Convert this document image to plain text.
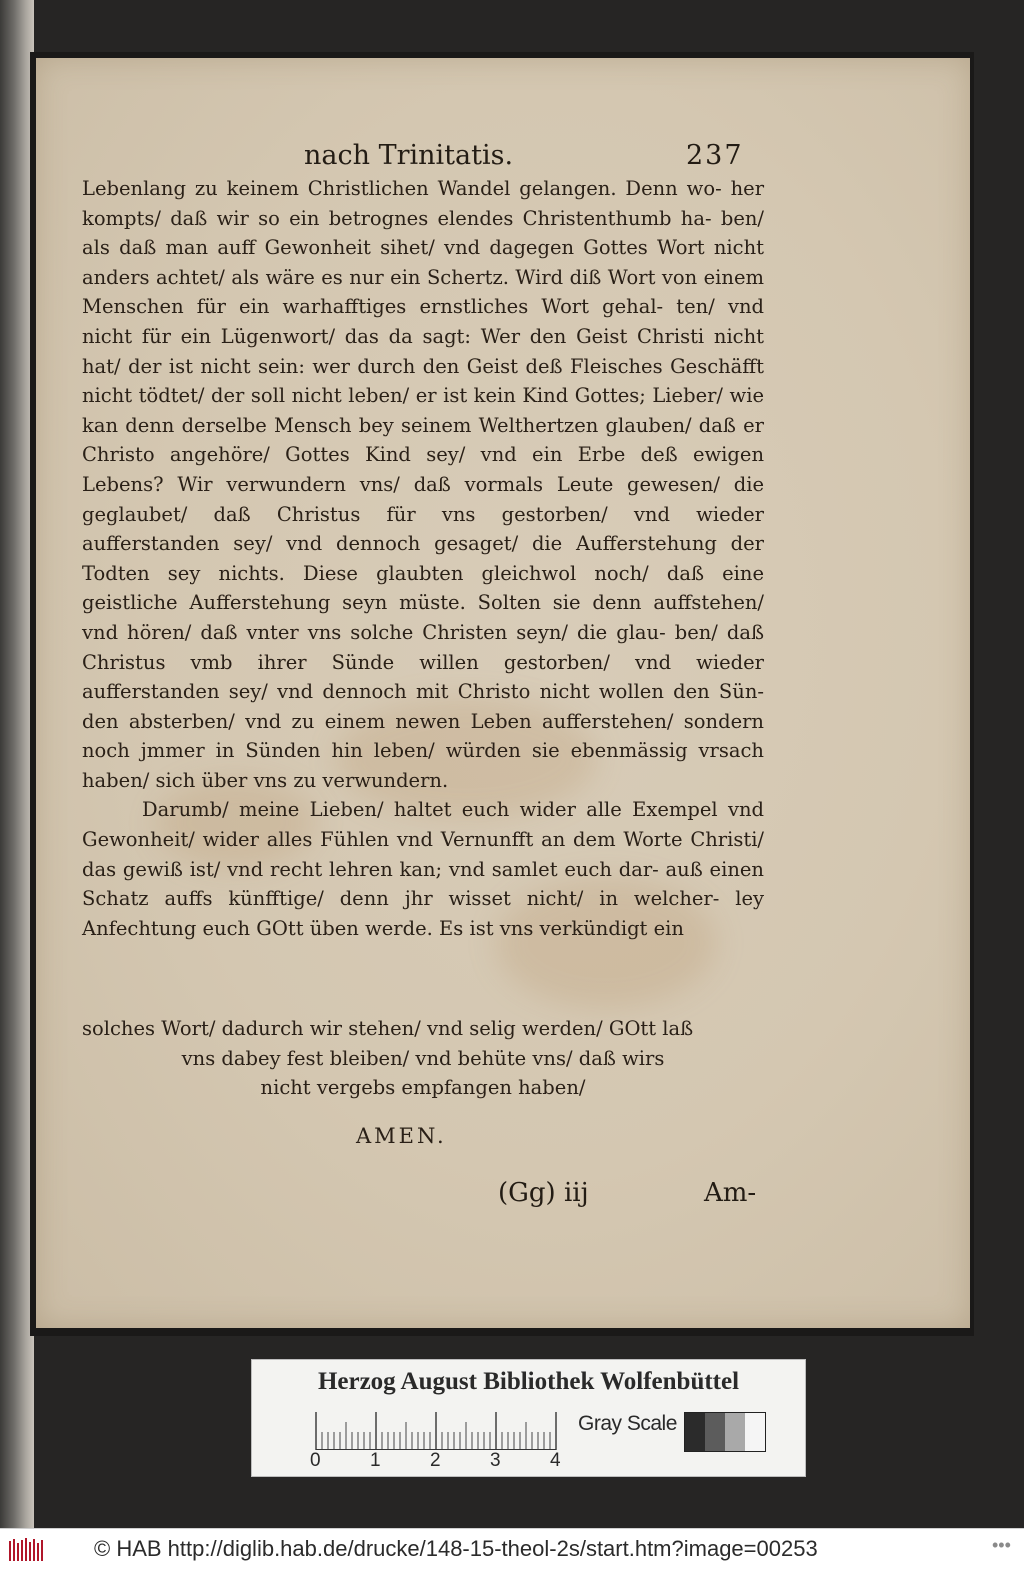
nach Trinitatis.	237

Lebenlang zu keinem Christlichen Wandel gelangen. Denn wo- her kompts/ daß wir so ein betrognes elendes Christenthumb ha- ben/ als daß man auff Gewonheit sihet/ vnd dagegen Gottes Wort nicht anders achtet/ als wäre es nur ein Schertz. Wird diß Wort von einem Menschen für ein warhafftiges ernstliches Wort gehal- ten/ vnd nicht für ein Lügenwort/ das da sagt: Wer den Geist Christi nicht hat/ der ist nicht sein: wer durch den Geist deß Fleisches Geschäfft nicht tödtet/ der soll nicht leben/ er ist kein Kind Gottes; Lieber/ wie kan denn derselbe Mensch bey seinem Welthertzen glauben/ daß er Christo angehöre/ Gottes Kind sey/ vnd ein Erbe deß ewigen Lebens? Wir verwundern vns/ daß vormals Leute gewesen/ die geglaubet/ daß Christus für vns gestorben/ vnd wieder aufferstanden sey/ vnd dennoch gesaget/ die Aufferstehung der Todten sey nichts. Diese glaubten gleichwol noch/ daß eine geistliche Aufferstehung seyn müste. Solten sie denn auffstehen/ vnd hören/ daß vnter vns solche Christen seyn/ die glau- ben/ daß Christus vmb ihrer Sünde willen gestorben/ vnd wieder aufferstanden sey/ vnd dennoch mit Christo nicht wollen den Sün- den absterben/ vnd zu einem newen Leben aufferstehen/ sondern noch jmmer in Sünden hin leben/ würden sie ebenmässig vrsach haben/ sich über vns zu verwundern.

Darumb/ meine Lieben/ haltet euch wider alle Exempel vnd Gewonheit/ wider alles Fühlen vnd Vernunfft an dem Worte Christi/ das gewiß ist/ vnd recht lehren kan; vnd samlet euch dar- auß einen Schatz auffs künfftige/ denn jhr wisset nicht/ in welcher- ley Anfechtung euch GOtt üben werde. Es ist vns verkündigt ein

solches Wort/ dadurch wir stehen/ vnd selig werden/ GOtt laß
vns dabey fest bleiben/ vnd behüte vns/ daß wirs
nicht vergebs empfangen haben/
AMEN.
(Gg) iij	Am-
Herzog August Bibliothek Wolfenbüttel
0	1	2	3	4
Gray Scale
© HAB http://diglib.hab.de/drucke/148-15-theol-2s/start.htm?image=00253	•••
